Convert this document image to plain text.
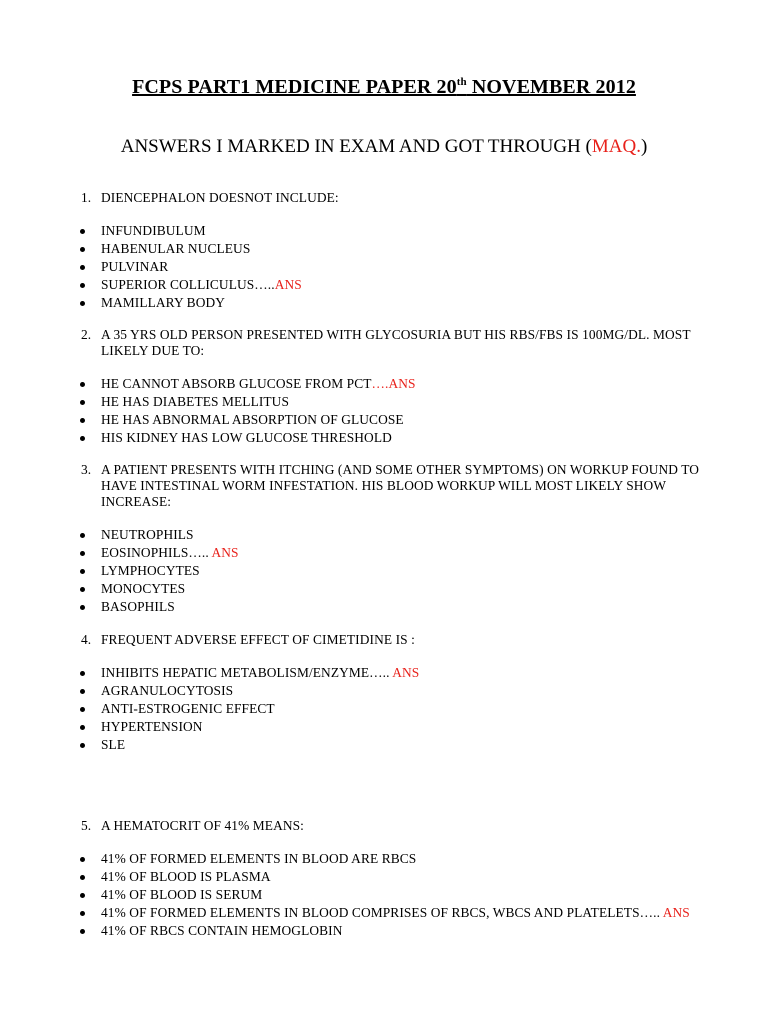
FCPS PART1 MEDICINE PAPER 20th NOVEMBER 2012
ANSWERS I MARKED IN EXAM AND GOT THROUGH (MAQ.)
1. DIENCEPHALON DOESNOT INCLUDE:
INFUNDIBULUM
HABENULAR NUCLEUS
PULVINAR
SUPERIOR COLLICULUS…..ANS
MAMILLARY BODY
2. A 35 YRS OLD PERSON PRESENTED WITH GLYCOSURIA BUT HIS RBS/FBS IS 100MG/DL. MOST LIKELY DUE TO:
HE CANNOT ABSORB GLUCOSE FROM PCT….ANS
HE HAS DIABETES MELLITUS
HE HAS ABNORMAL ABSORPTION OF GLUCOSE
HIS KIDNEY HAS LOW GLUCOSE THRESHOLD
3. A PATIENT PRESENTS WITH ITCHING (AND SOME OTHER SYMPTOMS) ON WORKUP FOUND TO HAVE INTESTINAL WORM INFESTATION. HIS BLOOD WORKUP WILL MOST LIKELY SHOW INCREASE:
NEUTROPHILS
EOSINOPHILS….. ANS
LYMPHOCYTES
MONOCYTES
BASOPHILS
4. FREQUENT ADVERSE EFFECT OF CIMETIDINE IS :
INHIBITS HEPATIC METABOLISM/ENZYME….. ANS
AGRANULOCYTOSIS
ANTI-ESTROGENIC EFFECT
HYPERTENSION
SLE
5. A HEMATOCRIT OF 41% MEANS:
41% OF FORMED ELEMENTS IN BLOOD ARE RBCS
41% OF BLOOD IS PLASMA
41% OF BLOOD IS SERUM
41% OF FORMED ELEMENTS IN BLOOD COMPRISES OF RBCS, WBCS AND PLATELETS….. ANS
41% OF RBCS CONTAIN HEMOGLOBIN
